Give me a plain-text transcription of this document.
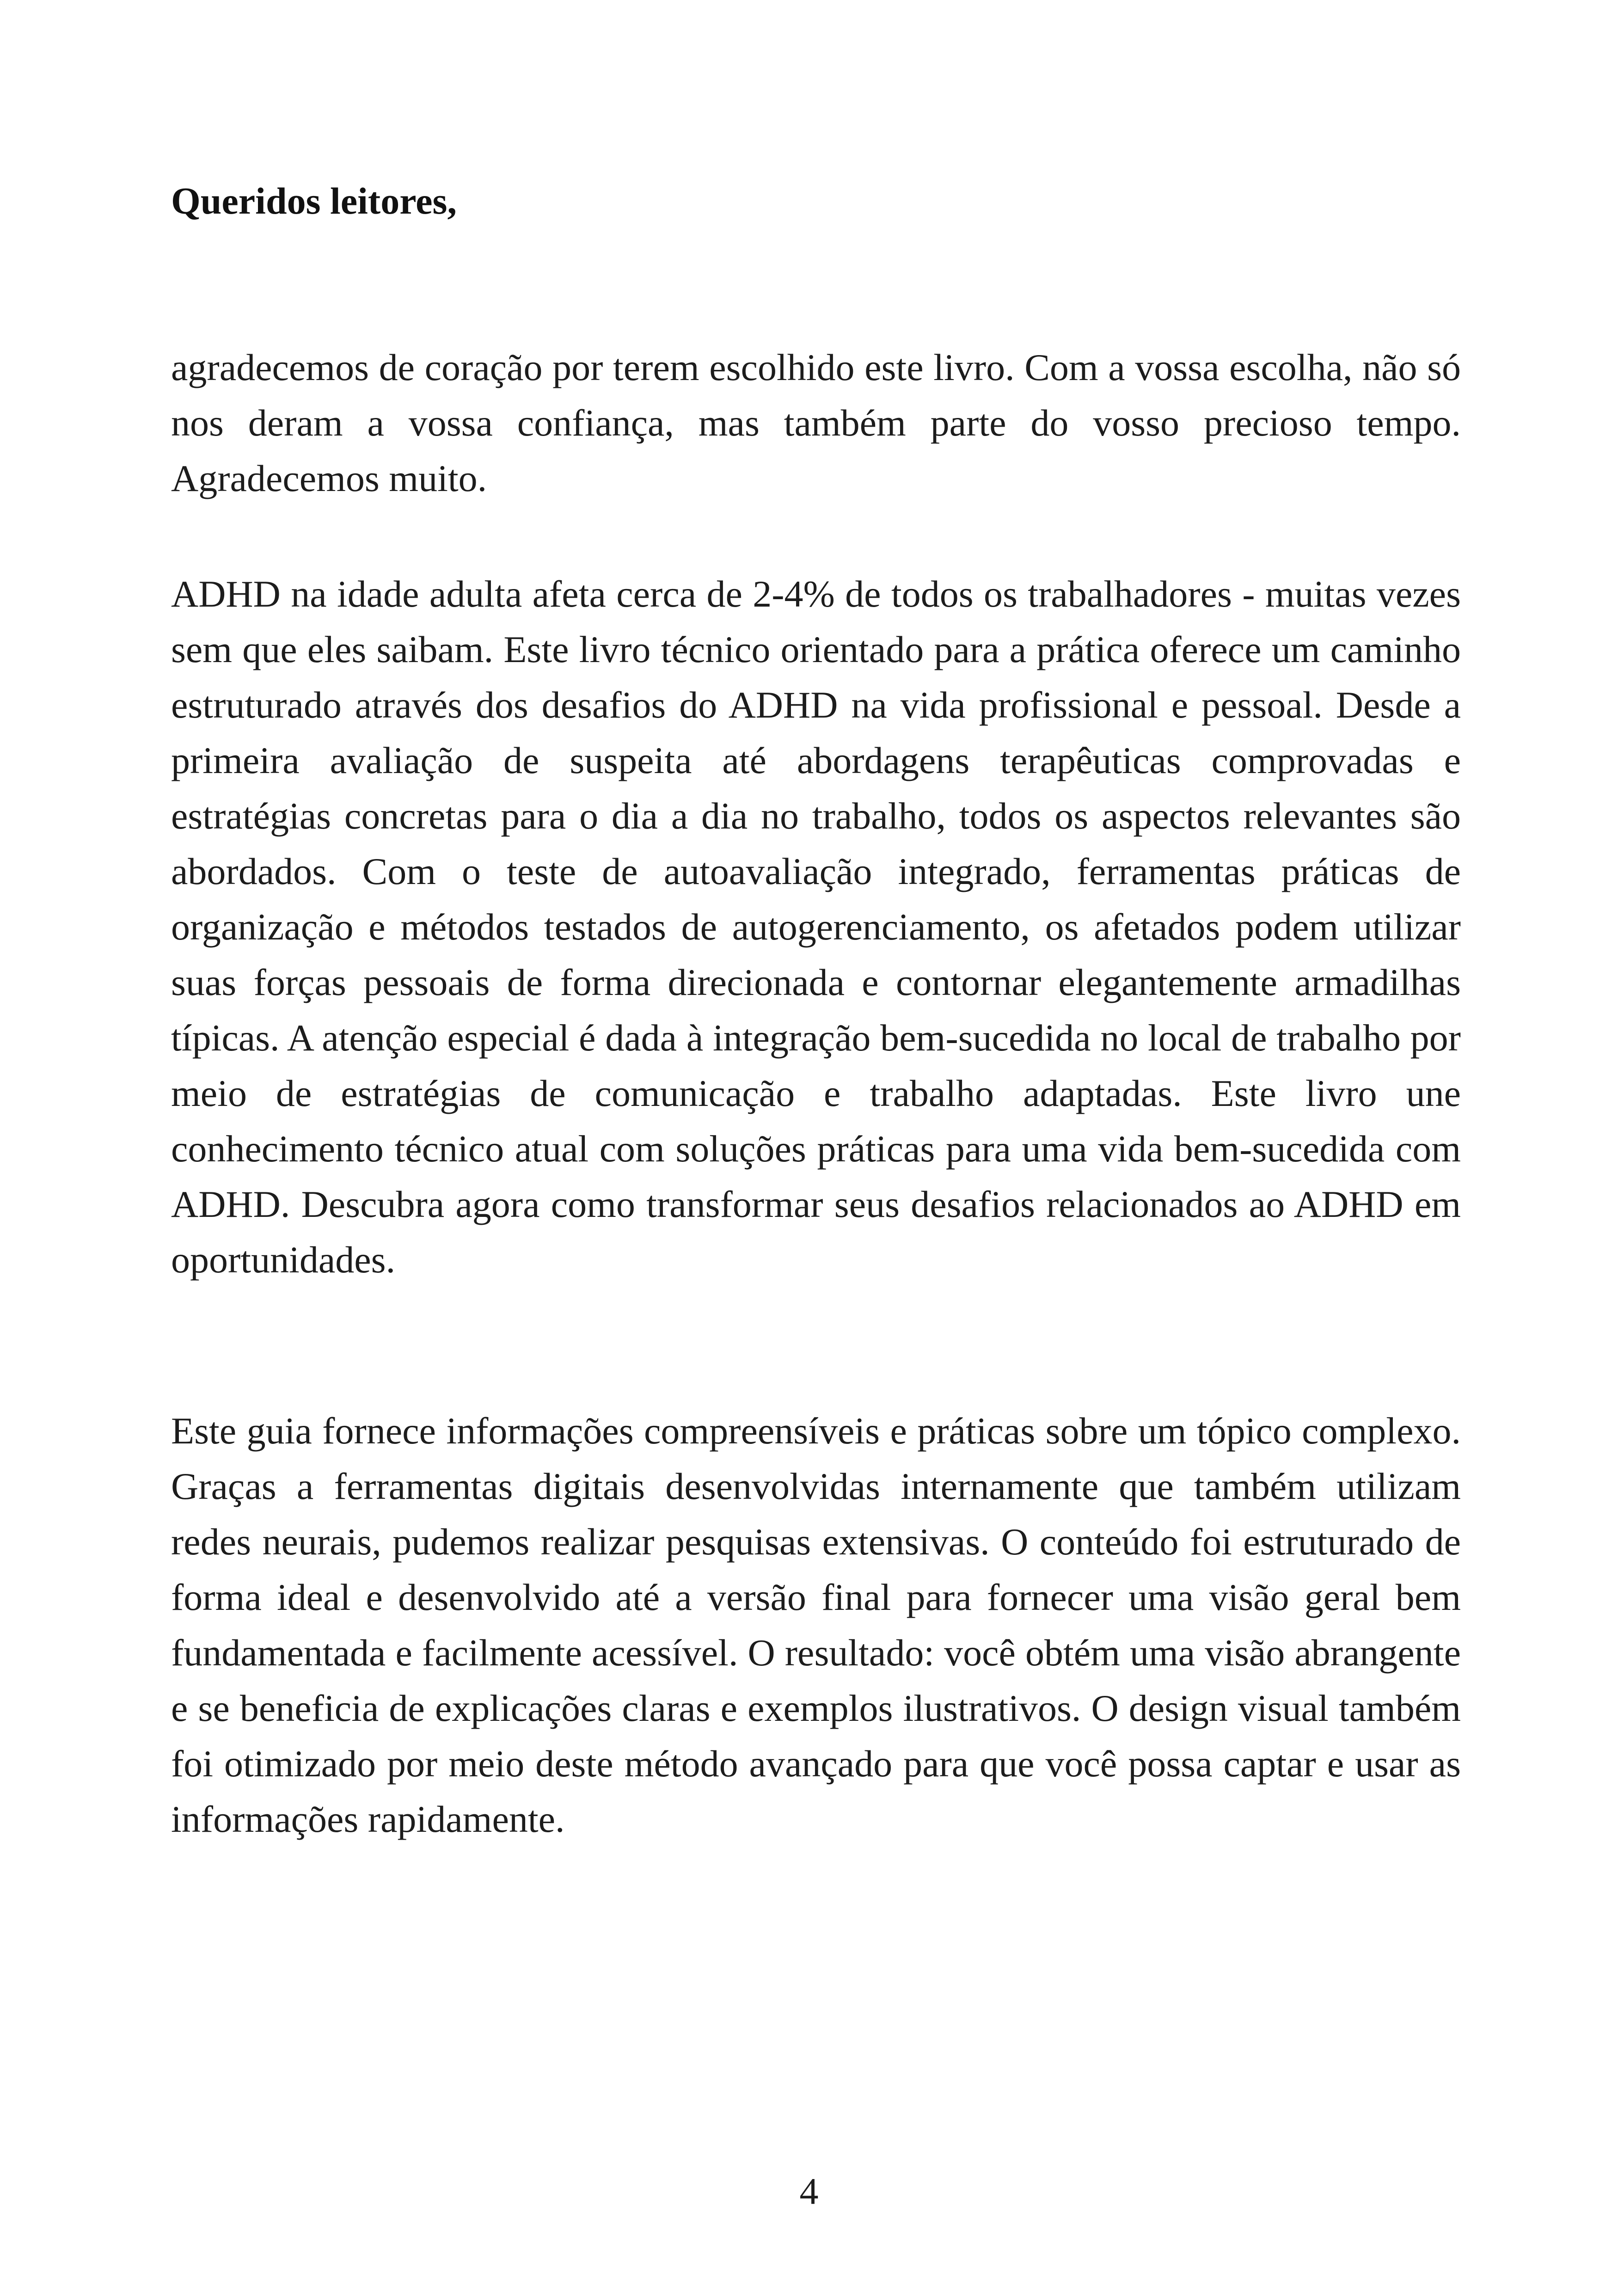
Queridos leitores,

agradecemos de coração por terem escolhido este livro. Com a vossa escolha, não só nos deram a vossa confiança, mas também parte do vosso precioso tempo. Agradecemos muito.

ADHD na idade adulta afeta cerca de 2-4% de todos os trabalhadores - muitas vezes sem que eles saibam. Este livro técnico orientado para a prática oferece um caminho estruturado através dos desafios do ADHD na vida profissional e pessoal. Desde a primeira avaliação de suspeita até abordagens terapêuticas comprovadas e estratégias concretas para o dia a dia no trabalho, todos os aspectos relevantes são abordados. Com o teste de autoavaliação integrado, ferramentas práticas de organização e métodos testados de autogerenciamento, os afetados podem utilizar suas forças pessoais de forma direcionada e contornar elegantemente armadilhas típicas. A atenção especial é dada à integração bem-sucedida no local de trabalho por meio de estratégias de comunicação e trabalho adaptadas. Este livro une conhecimento técnico atual com soluções práticas para uma vida bem-sucedida com ADHD. Descubra agora como transformar seus desafios relacionados ao ADHD em oportunidades.

Este guia fornece informações compreensíveis e práticas sobre um tópico complexo. Graças a ferramentas digitais desenvolvidas internamente que também utilizam redes neurais, pudemos realizar pesquisas extensivas. O conteúdo foi estruturado de forma ideal e desenvolvido até a versão final para fornecer uma visão geral bem fundamentada e facilmente acessível. O resultado: você obtém uma visão abrangente e se beneficia de explicações claras e exemplos ilustrativos. O design visual também foi otimizado por meio deste método avançado para que você possa captar e usar as informações rapidamente.

4
